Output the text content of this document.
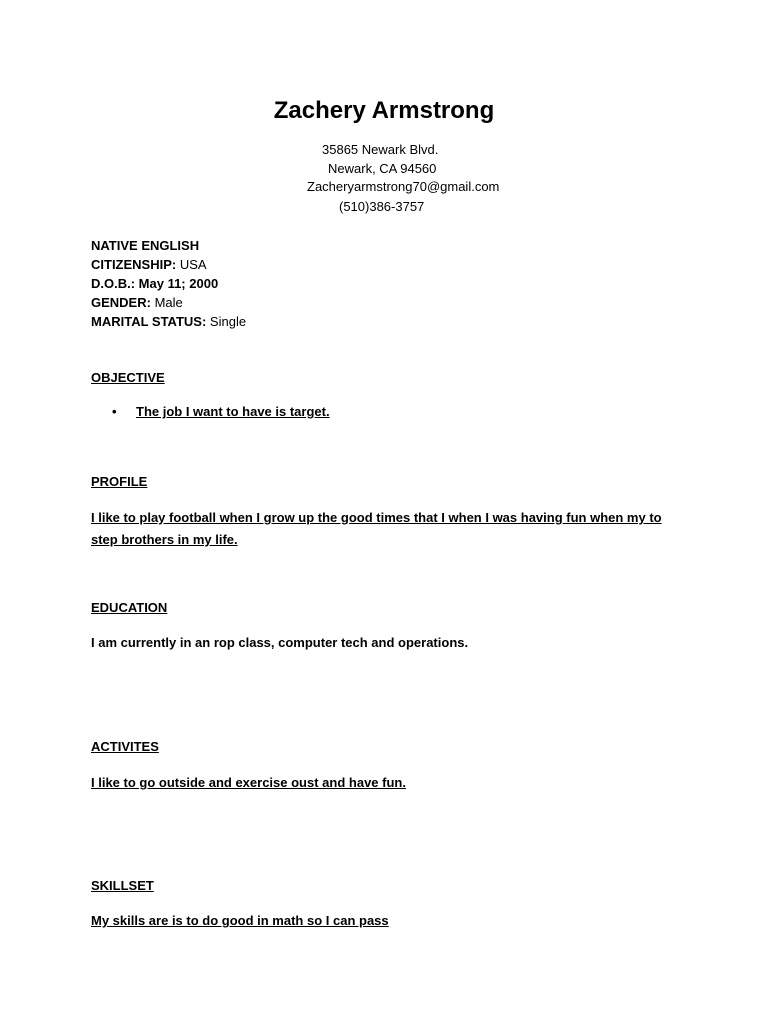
Zachery Armstrong
35865 Newark Blvd.
Newark, CA 94560
Zacheryarmstrong70@gmail.com
(510)386-3757
NATIVE ENGLISH
CITIZENSHIP: USA
D.O.B.: May 11; 2000
GENDER: Male
MARITAL STATUS: Single
OBJECTIVE
• The job I want to have is target.
PROFILE
I like to play football when I grow up the good times that I when I was having fun when my to step brothers in my life.
EDUCATION
I am currently in an rop class, computer tech and operations.
ACTIVITES
I like to go outside and exercise oust and have fun.
SKILLSET
My skills are is to do good in math so I can pass
